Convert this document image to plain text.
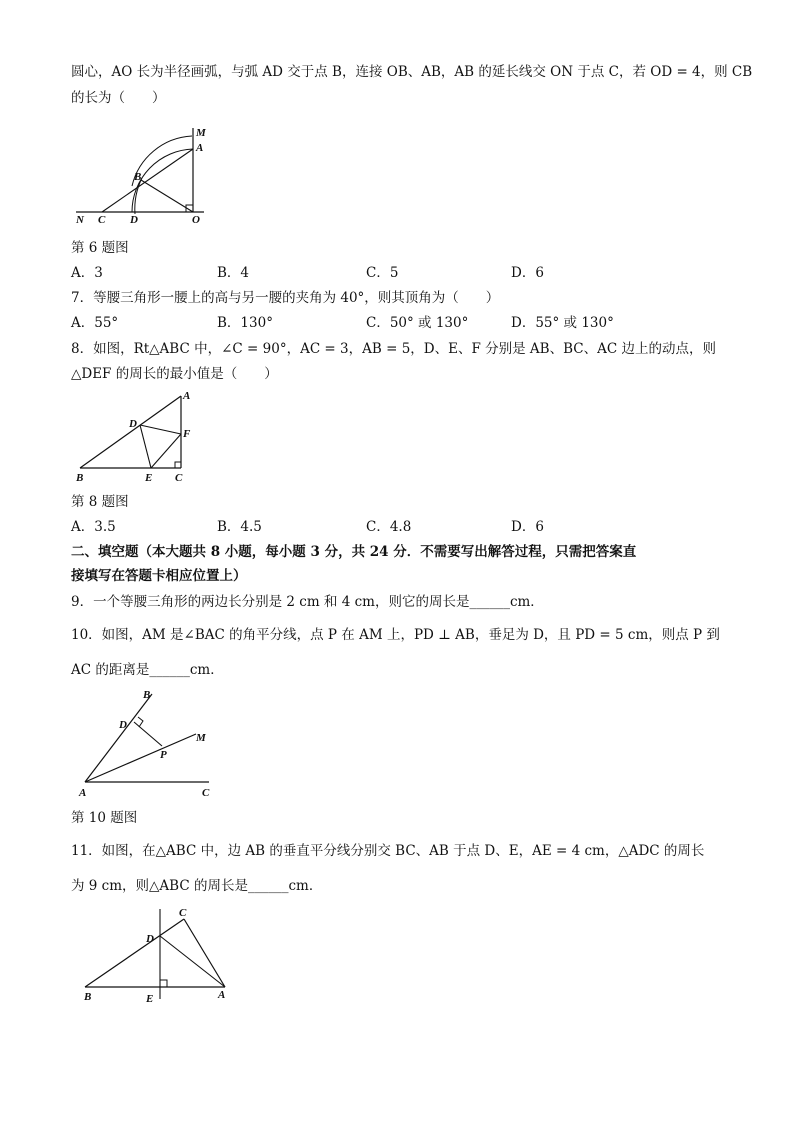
圆心，AO 长为半径画弧，与弧 AD 交于点 B，连接 OB、AB，AB 的延长线交 ON 于点 C，若 OD = 4，则 CB
的长为（　　）
M
A
B
N C D	O
第 6 题图
A．3	B．4	C．5	D．6
7．等腰三角形一腰上的高与另一腰的夹角为 40°，则其顶角为（　　）
A．55°	B．130°	C．50° 或 130°	D．55° 或 130°
8．如图，Rt△ABC 中，∠C = 90°，AC = 3，AB = 5，D、E、F 分别是 AB、BC、AC 边上的动点，则
△DEF 的周长的最小值是（　　）
A
D
F
B	E C
第 8 题图
A．3.5	B．4.5	C．4.8	D．6
二、填空题（本大题共 8 小题，每小题 3 分，共 24 分．不需要写出解答过程，只需把答案直
接填写在答题卡相应位置上）
9．一个等腰三角形的两边长分别是 2 cm 和 4 cm，则它的周长是______cm．
10．如图，AM 是∠BAC 的角平分线，点 P 在 AM 上，PD ⊥ AB，垂足为 D，且 PD = 5 cm，则点 P 到
AC 的距离是______cm．
B
D
M
P
A	C
第 10 题图
11．如图，在△ABC 中，边 AB 的垂直平分线分别交 BC、AB 于点 D、E，AE = 4 cm，△ADC 的周长
为 9 cm，则△ABC 的周长是______cm．
C
D
B	E	A
